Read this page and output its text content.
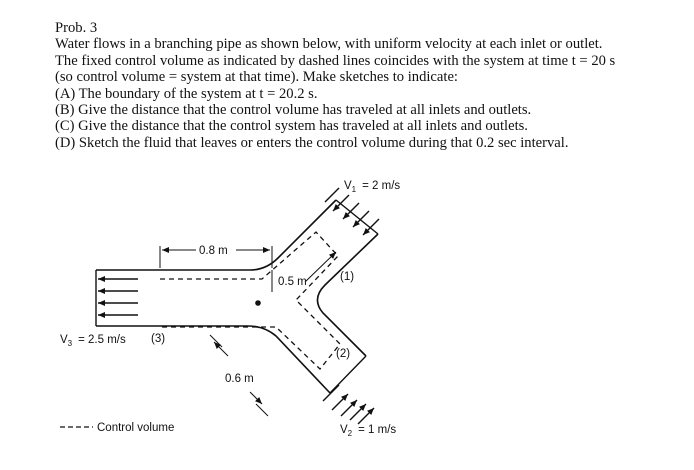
Prob. 3
Water flows in a branching pipe as shown below, with uniform velocity at each inlet or outlet.
The fixed control volume as indicated by dashed lines coincides with the system at time t = 20 s
(so control volume = system at that time). Make sketches to indicate:
(A) The boundary of the system at t = 20.2 s.
(B) Give the distance that the control volume has traveled at all inlets and outlets.
(C) Give the distance that the control system has traveled at all inlets and outlets.
(D) Sketch the fluid that leaves or enters the control volume during that 0.2 sec interval.
0.8 m
0.5 m
0.6 m
$V_1 = 2$ m/s
$V_2 = 1$ m/s
$V_3 = 2.5$ m/s
(1)
(2)
(3)
Control volume
